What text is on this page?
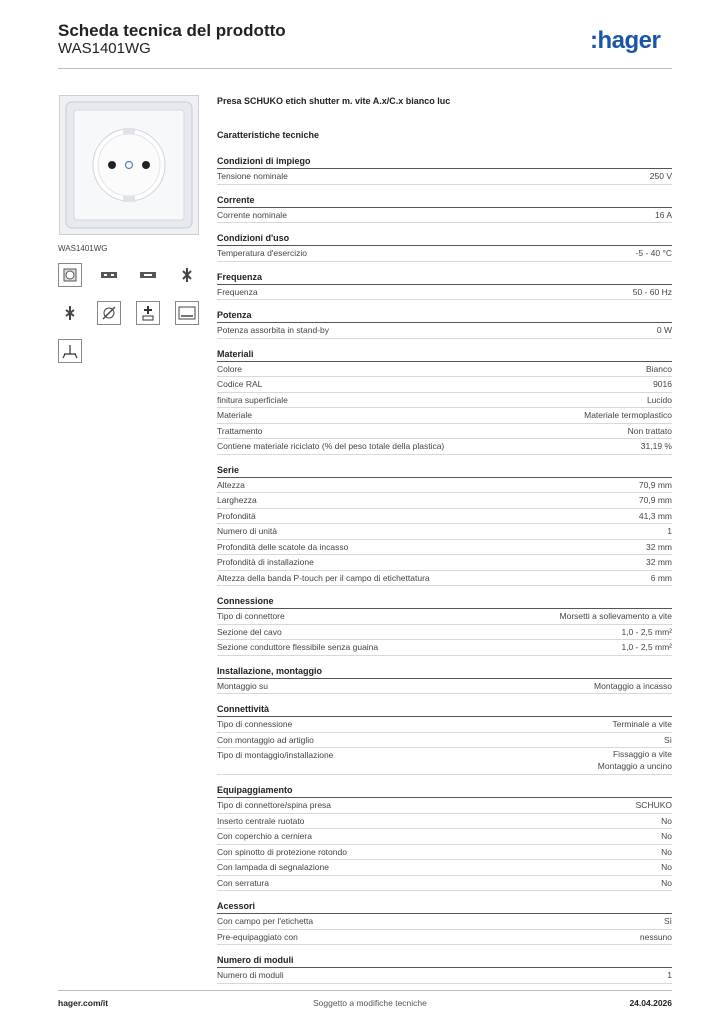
Scheda tecnica del prodotto
WAS1401WG	:hager
WAS1401WG
Presa SCHUKO etich shutter m. vite A.x/C.x bianco luc
Caratteristiche tecniche
Condizioni di impiego
Tensione nominale	250 V
Corrente
Corrente nominale	16 A
Condizioni d'uso
Temperatura d'esercizio	-5 - 40 °C
Frequenza
Frequenza	50 - 60 Hz
Potenza
Potenza assorbita in stand-by	0 W
Materiali
Colore	Bianco
Codice RAL	9016
finitura superficiale	Lucido
Materiale	Materiale termoplastico
Trattamento	Non trattato
Contiene materiale riciclato (% del peso totale della plastica)	31,19 %
Serie
Altezza	70,9 mm
Larghezza	70,9 mm
Profondità	41,3 mm
Numero di unità	1
Profondità delle scatole da incasso	32 mm
Profondità di installazione	32 mm
Altezza della banda P-touch per il campo di etichettatura	6 mm
Connessione
Tipo di connettore	Morsetti a sollevamento a vite
Sezione del cavo	1,0 - 2,5 mm²
Sezione conduttore flessibile senza guaina	1,0 - 2,5 mm²
Installazione, montaggio
Montaggio su	Montaggio a incasso
Connettività
Tipo di connessione	Terminale a vite
Con montaggio ad artiglio	Sì
Tipo di montaggio/installazione	Fissaggio a vite
Montaggio a uncino
Equipaggiamento
Tipo di connettore/spina presa	SCHUKO
Inserto centrale ruotato	No
Con coperchio a cerniera	No
Con spinotto di protezione rotondo	No
Con lampada di segnalazione	No
Con serratura	No
Acessori
Con campo per l'etichetta	Sì
Pre-equipaggiato con	nessuno
Numero di moduli
Numero di moduli	1
hager.com/it	Soggetto a modifiche tecniche	24.04.2026
